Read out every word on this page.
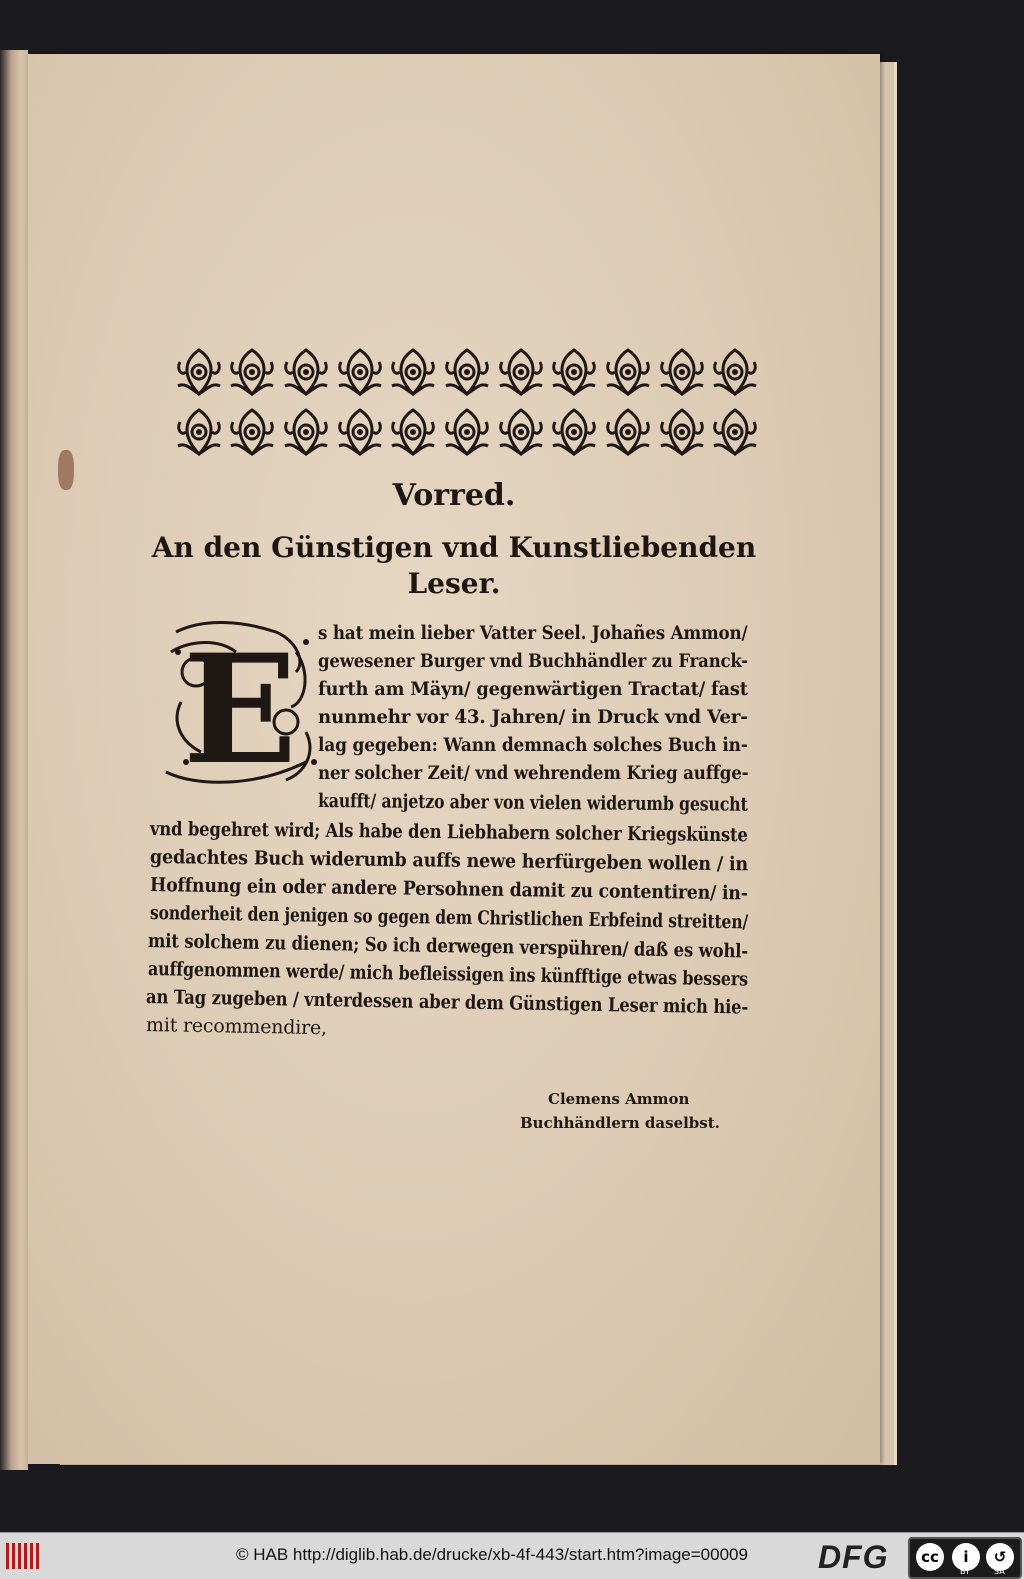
Vorred.
An den Günstigen vnd Kunstliebenden
Leser.
E s hat mein lieber Vatter Seel. Johañes Ammon/
gewesener Burger vnd Buchhändler zu Franck-
furth am Mäyn/ gegenwärtigen Tractat/ fast
nunmehr vor 43. Jahren/ in Druck vnd Ver-
lag gegeben: Wann demnach solches Buch in-
ner solcher Zeit/ vnd wehrendem Krieg auffge-
kaufft/ anjetzo aber von vielen widerumb gesucht
vnd begehret wird; Als habe den Liebhabern solcher Kriegskünste
gedachtes Buch widerumb auffs newe herfürgeben wollen / in
Hoffnung ein oder andere Persohnen damit zu contentiren/ in-
sonderheit den jenigen so gegen dem Christlichen Erbfeind streitten/
mit solchem zu dienen; So ich derwegen verspühren/ daß es wohl-
auffgenommen werde/ mich befleissigen ins künfftige etwas bessers
an Tag zugeben / vnterdessen aber dem Günstigen Leser mich hie-
mit recommendire,
Clemens Ammon
Buchhändlern daselbst.
© HAB http://diglib.hab.de/drucke/xb-4f-443/start.htm?image=00009 DFG	cc	i	↺
BY	SA
